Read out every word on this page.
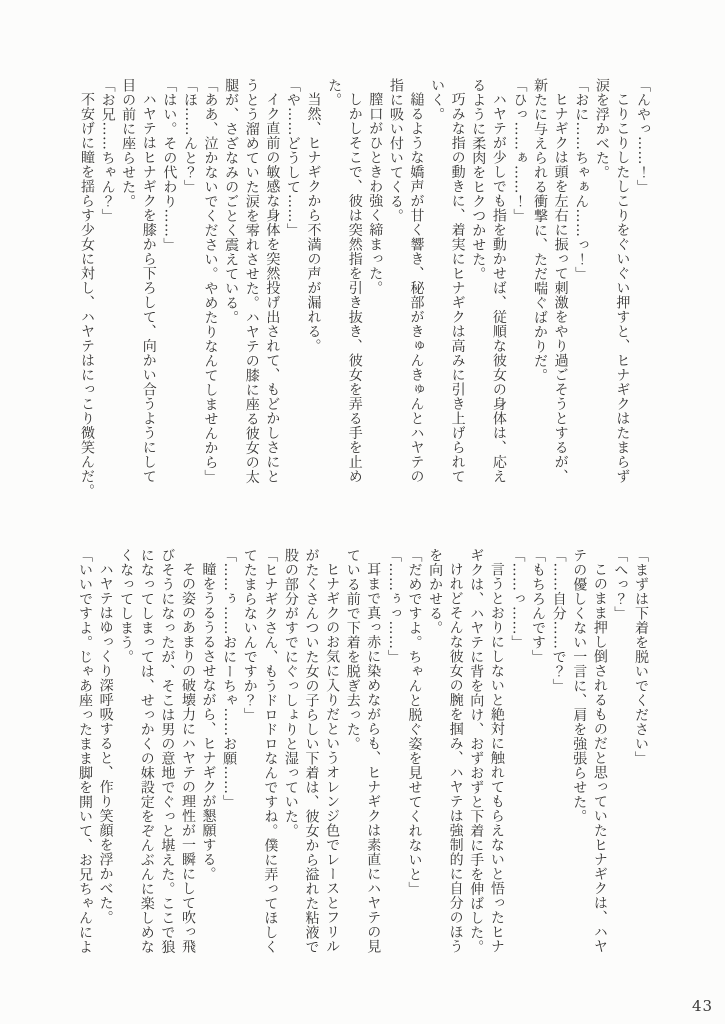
「んやっ……！」

こりこりしたしこりをぐいぐい押すと、ヒナギクはたまらず

涙を浮かべた。

「おに……ちゃぁん……っ！」

ヒナギクは頭を左右に振って刺激をやり過ごそうとするが、

新たに与えられる衝撃に、ただ喘ぐばかりだ。

「ひっ……ぁ……！」

ハヤテが少しでも指を動かせば、従順な彼女の身体は、応え

るように柔肉をヒクつかせた。

巧みな指の動きに、着実にヒナギクは高みに引き上げられて

いく。

縋るような嬌声が甘く響き、秘部がきゅんきゅんとハヤテの

指に吸い付いてくる。

膣口がひときわ強く締まった。

しかしそこで、彼は突然指を引き抜き、彼女を弄る手を止め

た。

当然、ヒナギクから不満の声が漏れる。

「や……どうして……」

イク直前の敏感な身体を突然投げ出されて、もどかしさにと

うとう溜めていた涙を零れさせた。ハヤテの膝に座る彼女の太

腿が、さざなみのごとく震えている。

「ああ、泣かないでください。やめたりなんてしませんから」

「ほ……んと？」

「はい。その代わり……」

ハヤテはヒナギクを膝から下ろして、向かい合うようにして

目の前に座らせた。

「お兄……ちゃん？」

不安げに瞳を揺らす少女に対し、ハヤテはにっこり微笑んだ。

「まずは下着を脱いでください」

「へっ？」

このまま押し倒されるものだと思っていたヒナギクは、ハヤ

テの優しくない一言に、肩を強張らせた。

「……自分……で？」

「もちろんです」

「……っ……」

言うとおりにしないと絶対に触れてもらえないと悟ったヒナ

ギクは、ハヤテに背を向け、おずおずと下着に手を伸ばした。

けれどそんな彼女の腕を掴み、ハヤテは強制的に自分のほう

を向かせる。

「だめですよ。ちゃんと脱ぐ姿を見せてくれないと」

「……ぅっ……」

耳まで真っ赤に染めながらも、ヒナギクは素直にハヤテの見

ている前で下着を脱ぎ去った。

ヒナギクのお気に入りだというオレンジ色でレースとフリル

がたくさんついた女の子らしい下着は、彼女から溢れた粘液で

股の部分がすでにぐっしょりと湿っていた。

「ヒナギクさん、もうドロドロなんですね。僕に弄ってほしく

てたまらないんですか？」

「……ぅ……おにーちゃ……お願……」

瞳をうるうるさせながら、ヒナギクが懇願する。

その姿のあまりの破壊力にハヤテの理性が一瞬にして吹っ飛

びそうになったが、そこは男の意地でぐっと堪えた。ここで狼

になってしまっては、せっかくの妹設定をぞんぶんに楽しめな

くなってしまう。

ハヤテはゆっくり深呼吸すると、作り笑顔を浮かべた。

「いいですよ。じゃあ座ったまま脚を開いて、お兄ちゃんによ

43
